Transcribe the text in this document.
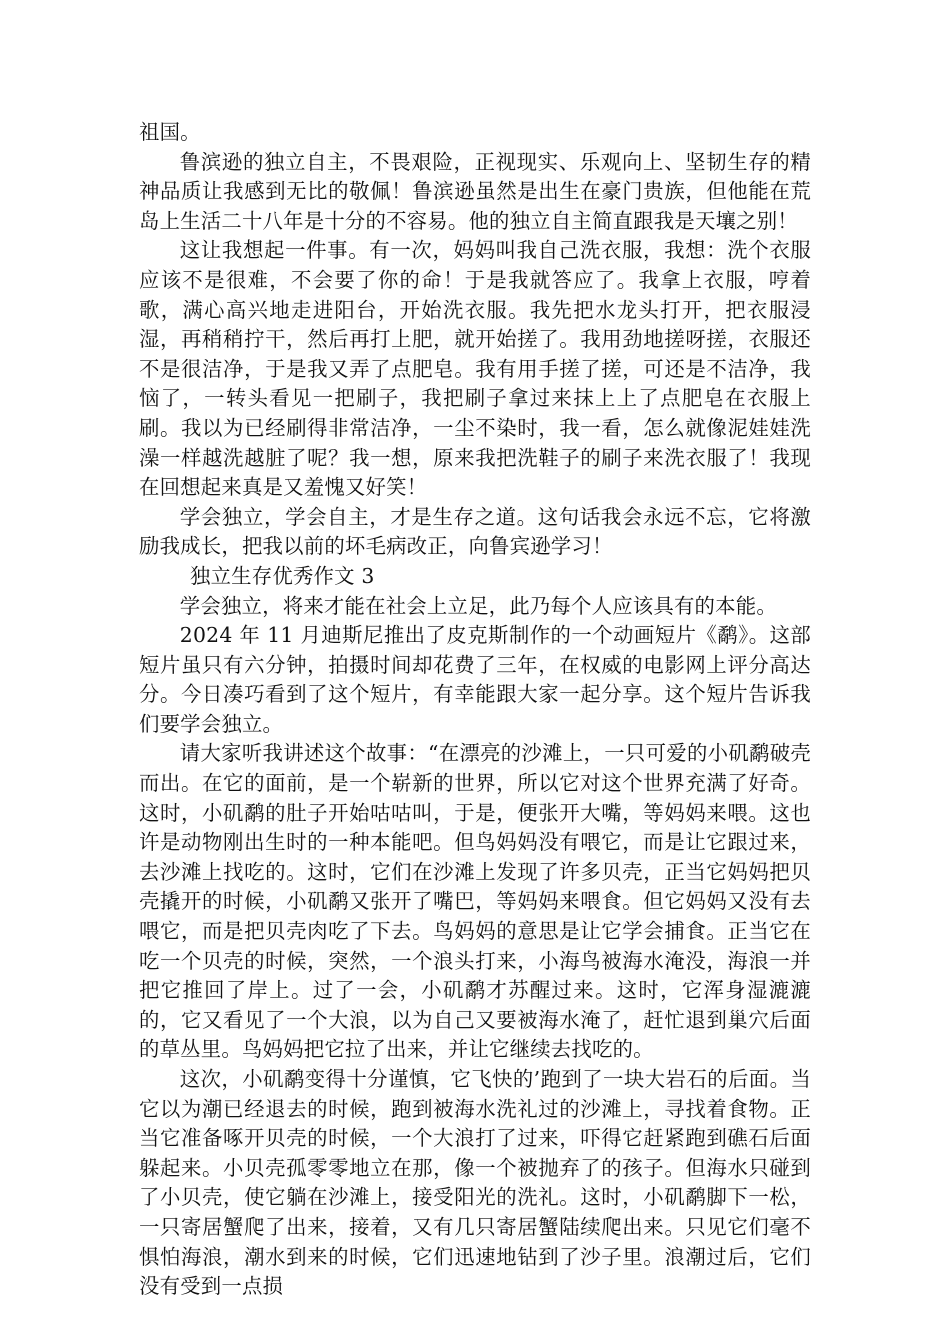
祖国。

鲁滨逊的独立自主，不畏艰险，正视现实、乐观向上、坚韧生存的精神品质让我感到无比的敬佩！鲁滨逊虽然是出生在豪门贵族，但他能在荒岛上生活二十八年是十分的不容易。他的独立自主简直跟我是天壤之别！

这让我想起一件事。有一次，妈妈叫我自己洗衣服，我想：洗个衣服应该不是很难，不会要了你的命！于是我就答应了。我拿上衣服，哼着歌，满心高兴地走进阳台，开始洗衣服。我先把水龙头打开，把衣服浸湿，再稍稍拧干，然后再打上肥，就开始搓了。我用劲地搓呀搓，衣服还不是很洁净，于是我又弄了点肥皂。我有用手搓了搓，可还是不洁净，我恼了，一转头看见一把刷子，我把刷子拿过来抹上上了点肥皂在衣服上刷。我以为已经刷得非常洁净，一尘不染时，我一看，怎么就像泥娃娃洗澡一样越洗越脏了呢？我一想，原来我把洗鞋子的刷子来洗衣服了！我现在回想起来真是又羞愧又好笑！

学会独立，学会自主，才是生存之道。这句话我会永远不忘，它将激励我成长，把我以前的坏毛病改正，向鲁宾逊学习！

独立生存优秀作文 3

学会独立，将来才能在社会上立足，此乃每个人应该具有的本能。

2024 年 11 月迪斯尼推出了皮克斯制作的一个动画短片《鹬》。这部短片虽只有六分钟，拍摄时间却花费了三年，在权威的电影网上评分高达分。今日凑巧看到了这个短片，有幸能跟大家一起分享。这个短片告诉我们要学会独立。

请大家听我讲述这个故事：“在漂亮的沙滩上，一只可爱的小矶鹬破壳而出。在它的面前，是一个崭新的世界，所以它对这个世界充满了好奇。这时，小矶鹬的肚子开始咕咕叫，于是，便张开大嘴，等妈妈来喂。这也许是动物刚出生时的一种本能吧。但鸟妈妈没有喂它，而是让它跟过来，去沙滩上找吃的。这时，它们在沙滩上发现了许多贝壳，正当它妈妈把贝壳撬开的时候，小矶鹬又张开了嘴巴，等妈妈来喂食。但它妈妈又没有去喂它，而是把贝壳肉吃了下去。鸟妈妈的意思是让它学会捕食。正当它在吃一个贝壳的时候，突然，一个浪头打来，小海鸟被海水淹没，海浪一并把它推回了岸上。过了一会，小矶鹬才苏醒过来。这时，它浑身湿漉漉的，它又看见了一个大浪，以为自己又要被海水淹了，赶忙退到巢穴后面的草丛里。鸟妈妈把它拉了出来，并让它继续去找吃的。

这次，小矶鹬变得十分谨慎，它飞快的’跑到了一块大岩石的后面。当它以为潮已经退去的时候，跑到被海水洗礼过的沙滩上，寻找着食物。正当它准备啄开贝壳的时候，一个大浪打了过来，吓得它赶紧跑到礁石后面躲起来。小贝壳孤零零地立在那，像一个被抛弃了的孩子。但海水只碰到了小贝壳，使它躺在沙滩上，接受阳光的洗礼。这时，小矶鹬脚下一松，一只寄居蟹爬了出来，接着，又有几只寄居蟹陆续爬出来。只见它们毫不惧怕海浪，潮水到来的时候，它们迅速地钻到了沙子里。浪潮过后，它们没有受到一点损
